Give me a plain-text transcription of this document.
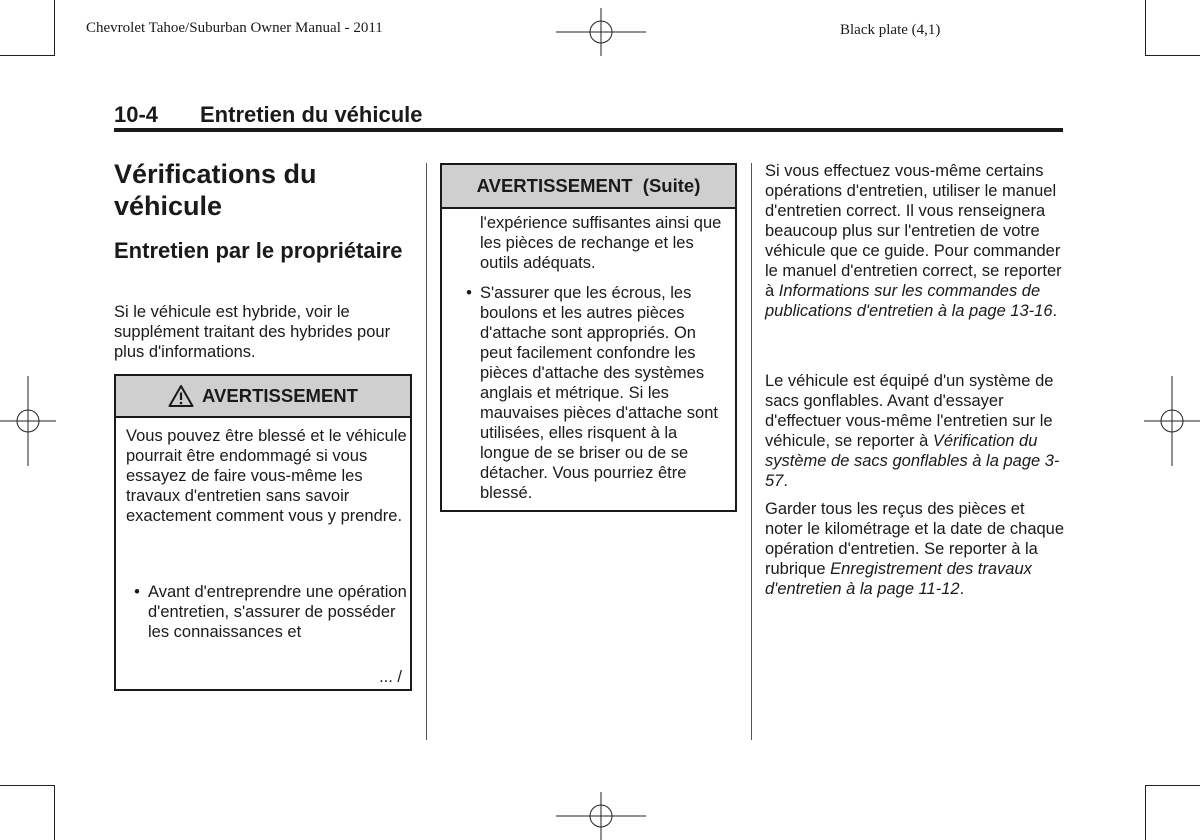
Chevrolet Tahoe/Suburban Owner Manual - 2011	Black plate (4,1)
10-4 Entretien du véhicule
Vérifications du véhicule
Entretien par le propriétaire
Si le véhicule est hybride, voir le supplément traitant des hybrides pour plus d'informations.
AVERTISSEMENT
Vous pouvez être blessé et le véhicule pourrait être endommagé si vous essayez de faire vous-même les travaux d'entretien sans savoir exactement comment vous y prendre.
• Avant d'entreprendre une opération d'entretien, s'assurer de posséder les connaissances et
... /
AVERTISSEMENT  (Suite)
l'expérience suffisantes ainsi que les pièces de rechange et les outils adéquats.
• S'assurer que les écrous, les boulons et les autres pièces d'attache sont appropriés. On peut facilement confondre les pièces d'attache des systèmes anglais et métrique. Si les mauvaises pièces d'attache sont utilisées, elles risquent à la longue de se briser ou de se détacher. Vous pourriez être blessé.
Si vous effectuez vous-même certains opérations d'entretien, utiliser le manuel d'entretien correct. Il vous renseignera beaucoup plus sur l'entretien de votre véhicule que ce guide. Pour commander le manuel d'entretien correct, se reporter à Informations sur les commandes de publications d'entretien à la page 13-16.
Le véhicule est équipé d'un système de sacs gonflables. Avant d'essayer d'effectuer vous-même l'entretien sur le véhicule, se reporter à Vérification du système de sacs gonflables à la page 3-57.
Garder tous les reçus des pièces et noter le kilométrage et la date de chaque opération d'entretien. Se reporter à la rubrique Enregistrement des travaux d'entretien à la page 11-12.
